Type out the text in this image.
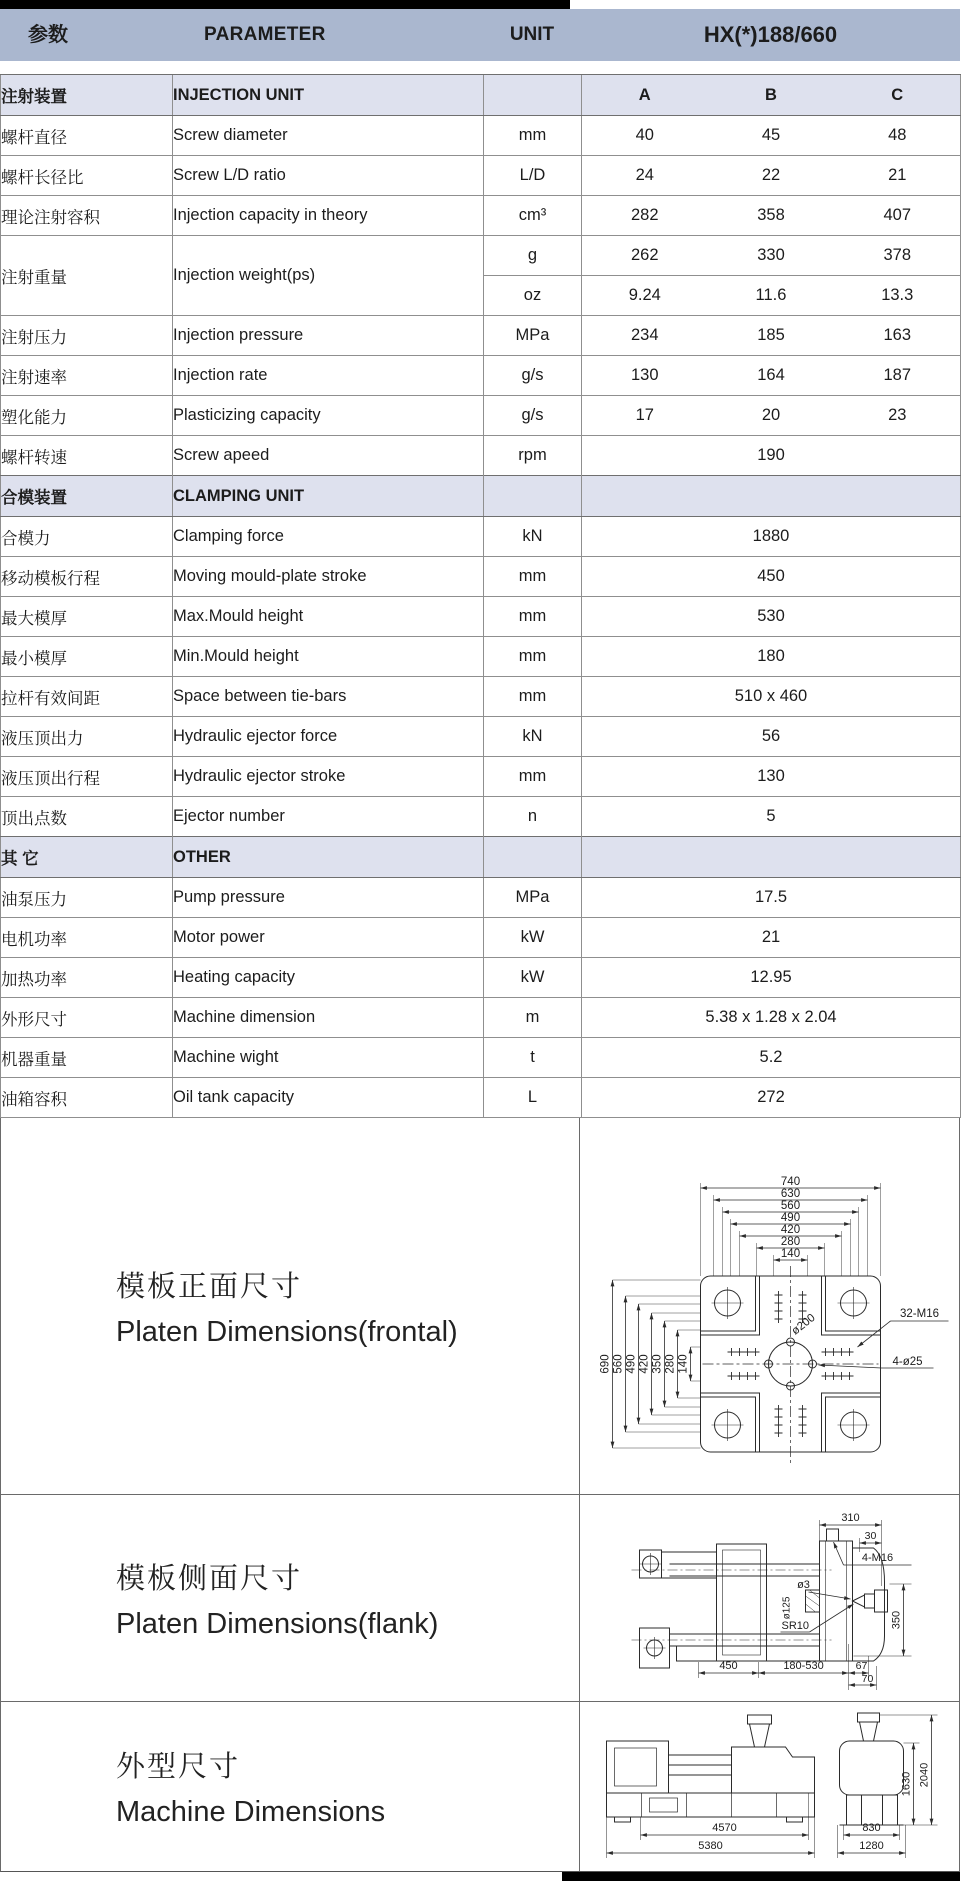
参数	PARAMETER	UNIT	HX(*)188/660
注射装置	INJECTION UNIT		A	B	C
螺杆直径	Screw diameter	mm	40	45	48
螺杆长径比	Screw L/D ratio	L/D	24	22	21
理论注射容积	Injection capacity in theory	cm³	282	358	407
注射重量	Injection weight(ps)	g	262	330	378
		oz	9.24	11.6	13.3
注射压力	Injection pressure	MPa	234	185	163
注射速率	Injection rate	g/s	130	164	187
塑化能力	Plasticizing capacity	g/s	17	20	23
螺杆转速	Screw apeed	rpm	190		
合模装置	CLAMPING UNIT				
合模力	Clamping force	kN	1880		
移动模板行程	Moving mould-plate stroke	mm	450		
最大模厚	Max.Mould height	mm	530		
最小模厚	Min.Mould height	mm	180		
拉杆有效间距	Space between tie-bars	mm	510 x 460		
液压顶出力	Hydraulic ejector force	kN	56		
液压顶出行程	Hydraulic ejector stroke	mm	130		
顶出点数	Ejector number	n	5		
其 它	OTHER				
油泵压力	Pump pressure	MPa	17.5		
电机功率	Motor power	kW	21		
加热功率	Heating capacity	kW	12.95		
外形尺寸	Machine dimension	m	5.38 x 1.28 x 2.04		
机器重量	Machine wight	t	5.2		
油箱容积	Oil tank capacity	L	272		
模板正面尺寸
Platen Dimensions(frontal)
740
630
560
490
420
280
140
690 560 490 420 350 280 140
32-M16
4-ø25
ø200
模板侧面尺寸
Platen Dimensions(flank)
310
30
4-M16
ø3
ø125
SR10	350
450	180-530	67
70
外型尺寸
Machine Dimensions	4570
5380
830
1280
1630 2040
